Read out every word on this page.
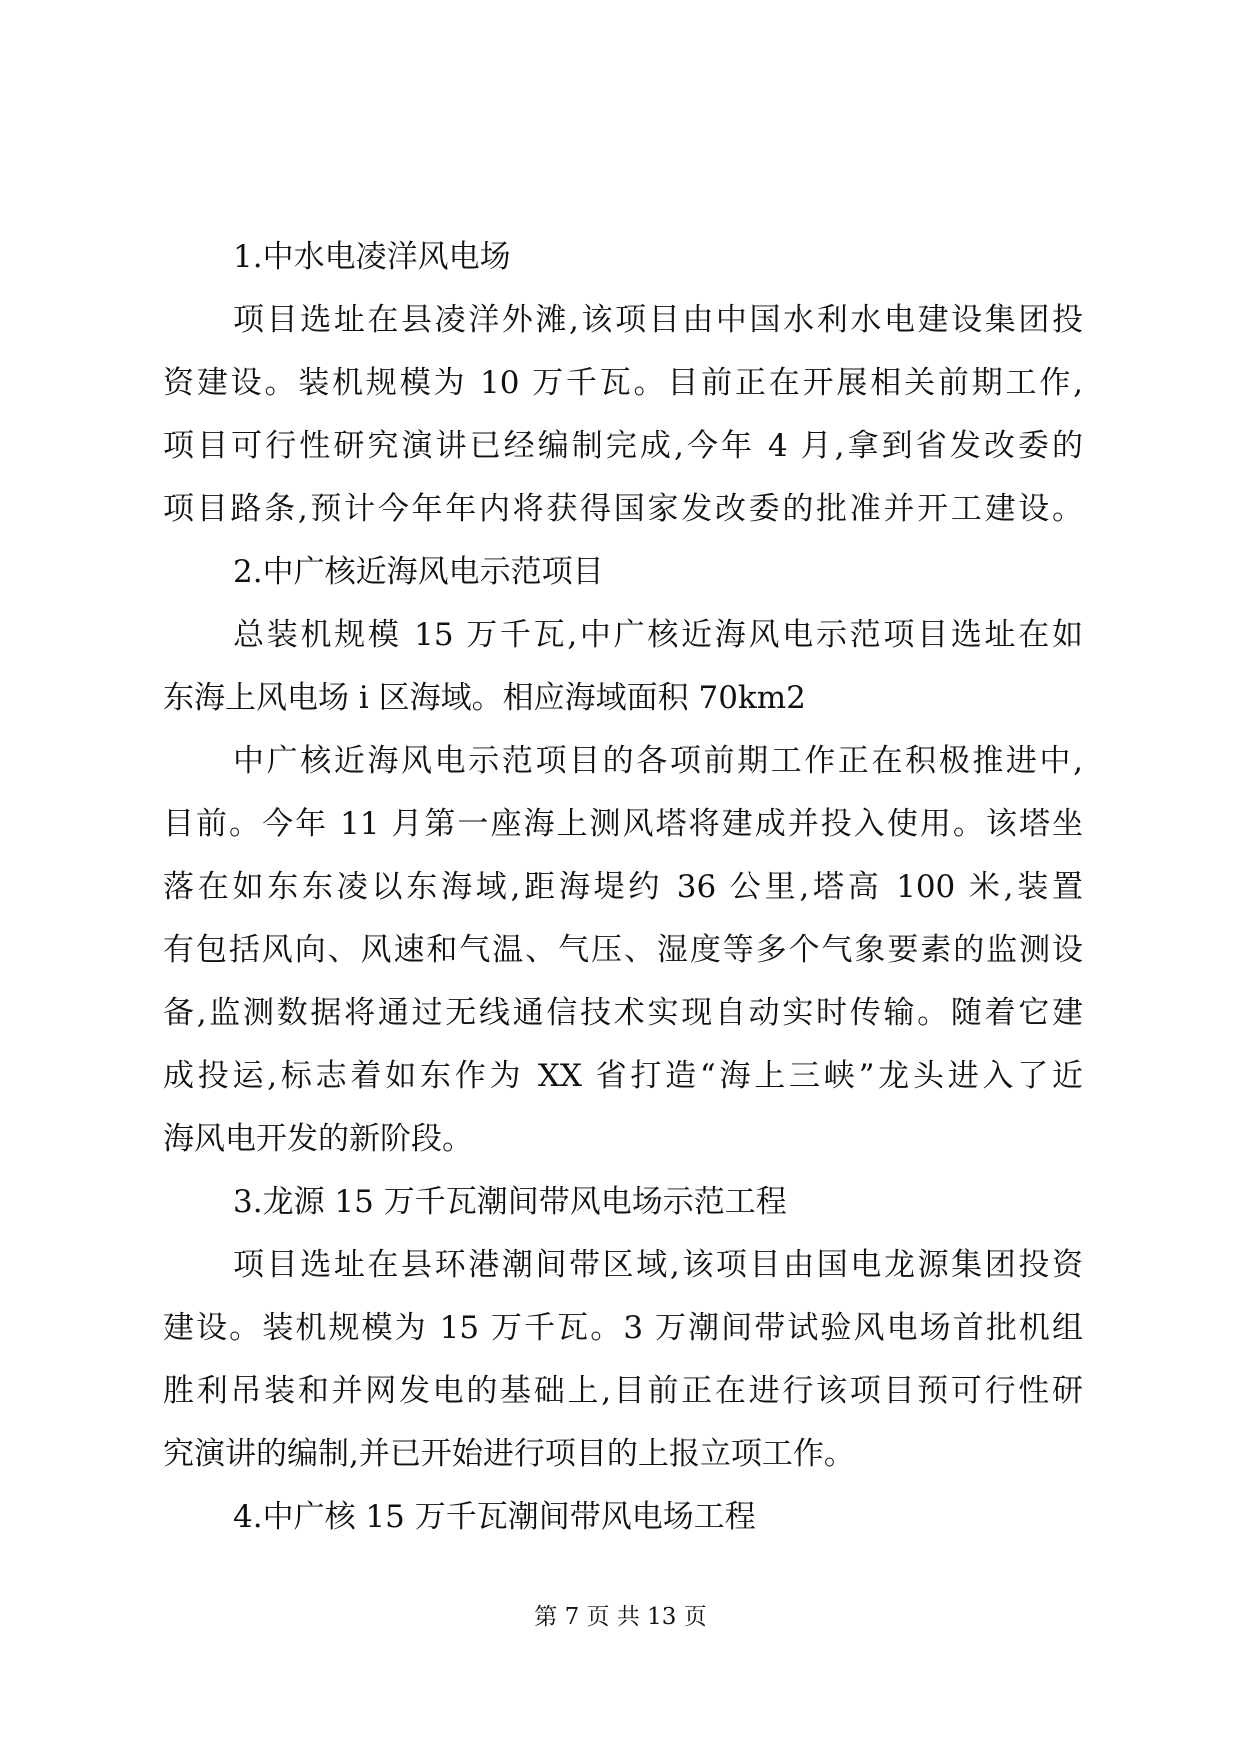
1.中水电凌洋风电场
项目选址在县凌洋外滩,该项目由中国水利水电建设集团投
资建设。装机规模为 10 万千瓦。目前正在开展相关前期工作,
项目可行性研究演讲已经编制完成,今年 4 月,拿到省发改委的
项目路条,预计今年年内将获得国家发改委的批准并开工建设。
2.中广核近海风电示范项目
总装机规模 15 万千瓦,中广核近海风电示范项目选址在如
东海上风电场 i 区海域。相应海域面积 70km2
中广核近海风电示范项目的各项前期工作正在积极推进中,
目前。今年 11 月第一座海上测风塔将建成并投入使用。该塔坐
落在如东东凌以东海域,距海堤约 36 公里,塔高 100 米,装置
有包括风向、风速和气温、气压、湿度等多个气象要素的监测设
备,监测数据将通过无线通信技术实现自动实时传输。随着它建
成投运,标志着如东作为 XX 省打造“海上三峡”龙头进入了近
海风电开发的新阶段。
3.龙源 15 万千瓦潮间带风电场示范工程
项目选址在县环港潮间带区域,该项目由国电龙源集团投资
建设。装机规模为 15 万千瓦。3 万潮间带试验风电场首批机组
胜利吊装和并网发电的基础上,目前正在进行该项目预可行性研
究演讲的编制,并已开始进行项目的上报立项工作。
4.中广核 15 万千瓦潮间带风电场工程
第 7 页 共 13 页
